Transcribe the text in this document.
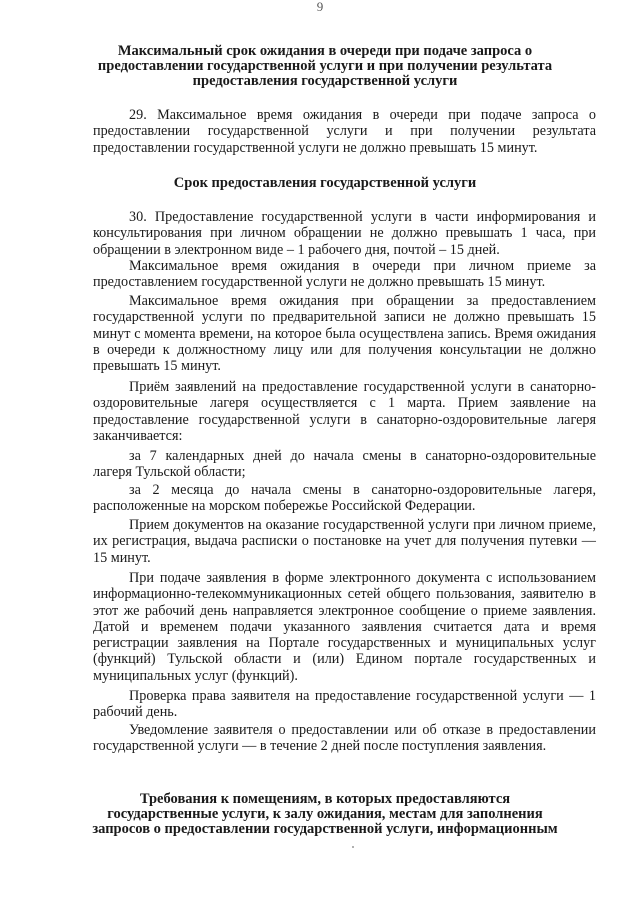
9

Максимальный срок ожидания в очереди при подаче запроса о предоставлении государственной услуги и при получении результата предоставления государственной услуги

29. Максимальное время ожидания в очереди при подаче запроса о предоставлении государственной услуги и при получении результата предоставлении государственной услуги не должно превышать 15 минут.

Срок предоставления государственной услуги

30. Предоставление государственной услуги в части информирования и консультирования при личном обращении не должно превышать 1 часа, при обращении в электронном виде – 1 рабочего дня, почтой – 15 дней.

Максимальное время ожидания в очереди при личном приеме за предоставлением государственной услуги не должно превышать 15 минут.

Максимальное время ожидания при обращении за предоставлением государственной услуги по предварительной записи не должно превышать 15 минут с момента времени, на которое была осуществлена запись. Время ожидания в очереди к должностному лицу или для получения консультации не должно превышать 15 минут.

Приём заявлений на предоставление государственной услуги в санаторно-оздоровительные лагеря осуществляется с 1 марта. Прием заявление на предоставление государственной услуги в санаторно-оздоровительные лагеря заканчивается:

за 7 календарных дней до начала смены в санаторно-оздоровительные лагеря Тульской области;

за 2 месяца до начала смены в санаторно-оздоровительные лагеря, расположенные на морском побережье Российской Федерации.

Прием документов на оказание государственной услуги при личном приеме, их регистрация, выдача расписки о постановке на учет для получения путевки — 15 минут.

При подаче заявления в форме электронного документа с использованием информационно-телекоммуникационных сетей общего пользования, заявителю в этот же рабочий день направляется электронное сообщение о приеме заявления. Датой и временем подачи указанного заявления считается дата и время регистрации заявления на Портале государственных и муниципальных услуг (функций) Тульской области и (или) Едином портале государственных и муниципальных услуг (функций).

Проверка права заявителя на предоставление государственной услуги — 1 рабочий день.

Уведомление заявителя о предоставлении или об отказе в предоставлении государственной услуги — в течение 2 дней после поступления заявления.

Требования к помещениям, в которых предоставляются государственные услуги, к залу ожидания, местам для заполнения запросов о предоставлении государственной услуги, информационным
